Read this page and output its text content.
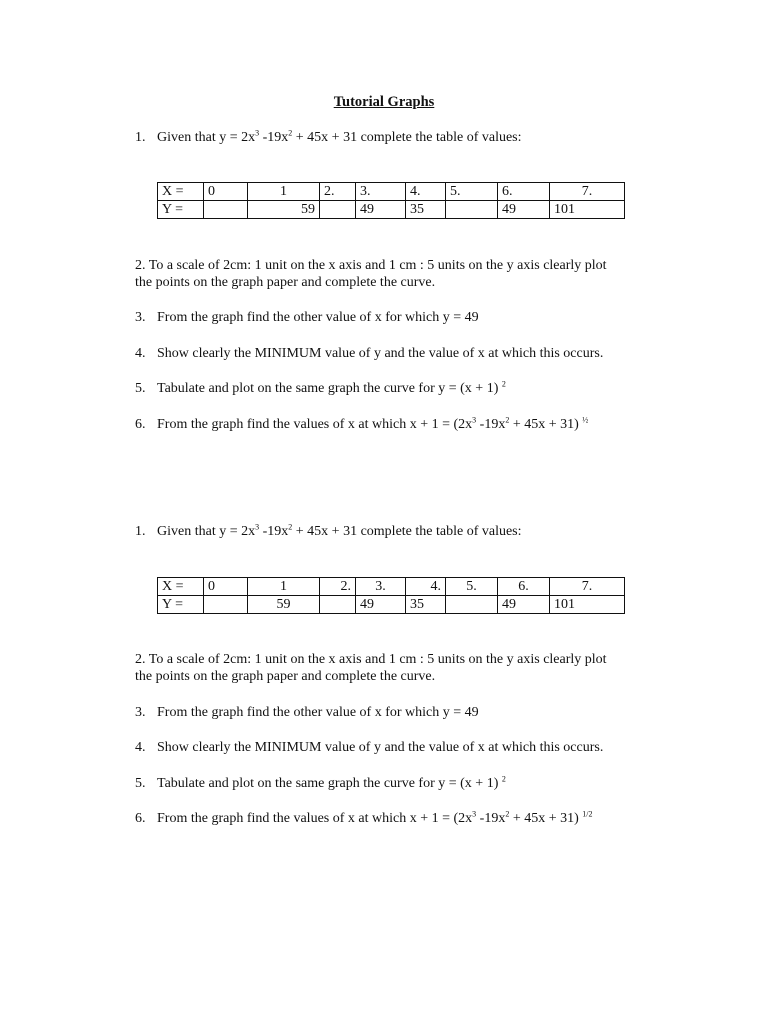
Tutorial Graphs
1. Given that $y = 2x^3$ $-19x^2 + 45x + 31$ complete the table of values:
X =	0	1	2.	3.	4.	5.	6.	7.
Y =		59		49	35		49	101
2. To a scale of 2cm: 1 unit on the x axis and 1 cm : 5 units on the y axis clearly plot
the points on the graph paper and complete the curve.
3. From the graph find the other value of x for which y = 49
4. Show clearly the MINIMUM value of y and the value of x at which this occurs.
5. Tabulate and plot on the same graph the curve for y = (x + 1) $^2$
6. From the graph find the values of x at which $x + 1 = (2x^3$ $-19x^2 + 45x + 31$) $^{\frac{1}{2}}$
1. Given that $y = 2x^3$ $-19x^2 + 45x + 31$ complete the table of values:
X =	0	1	2.	3.	4.	5.	6.	7.
Y =		59		49	35		49	101
2. To a scale of 2cm: 1 unit on the x axis and 1 cm : 5 units on the y axis clearly plot
the points on the graph paper and complete the curve.
3. From the graph find the other value of x for which y = 49
4. Show clearly the MINIMUM value of y and the value of x at which this occurs.
5. Tabulate and plot on the same graph the curve for y = (x + 1) $^2$
6. From the graph find the values of x at which $x + 1 = (2x^3$ $-19x^2 + 45x + 31$) $^{1/2}$
